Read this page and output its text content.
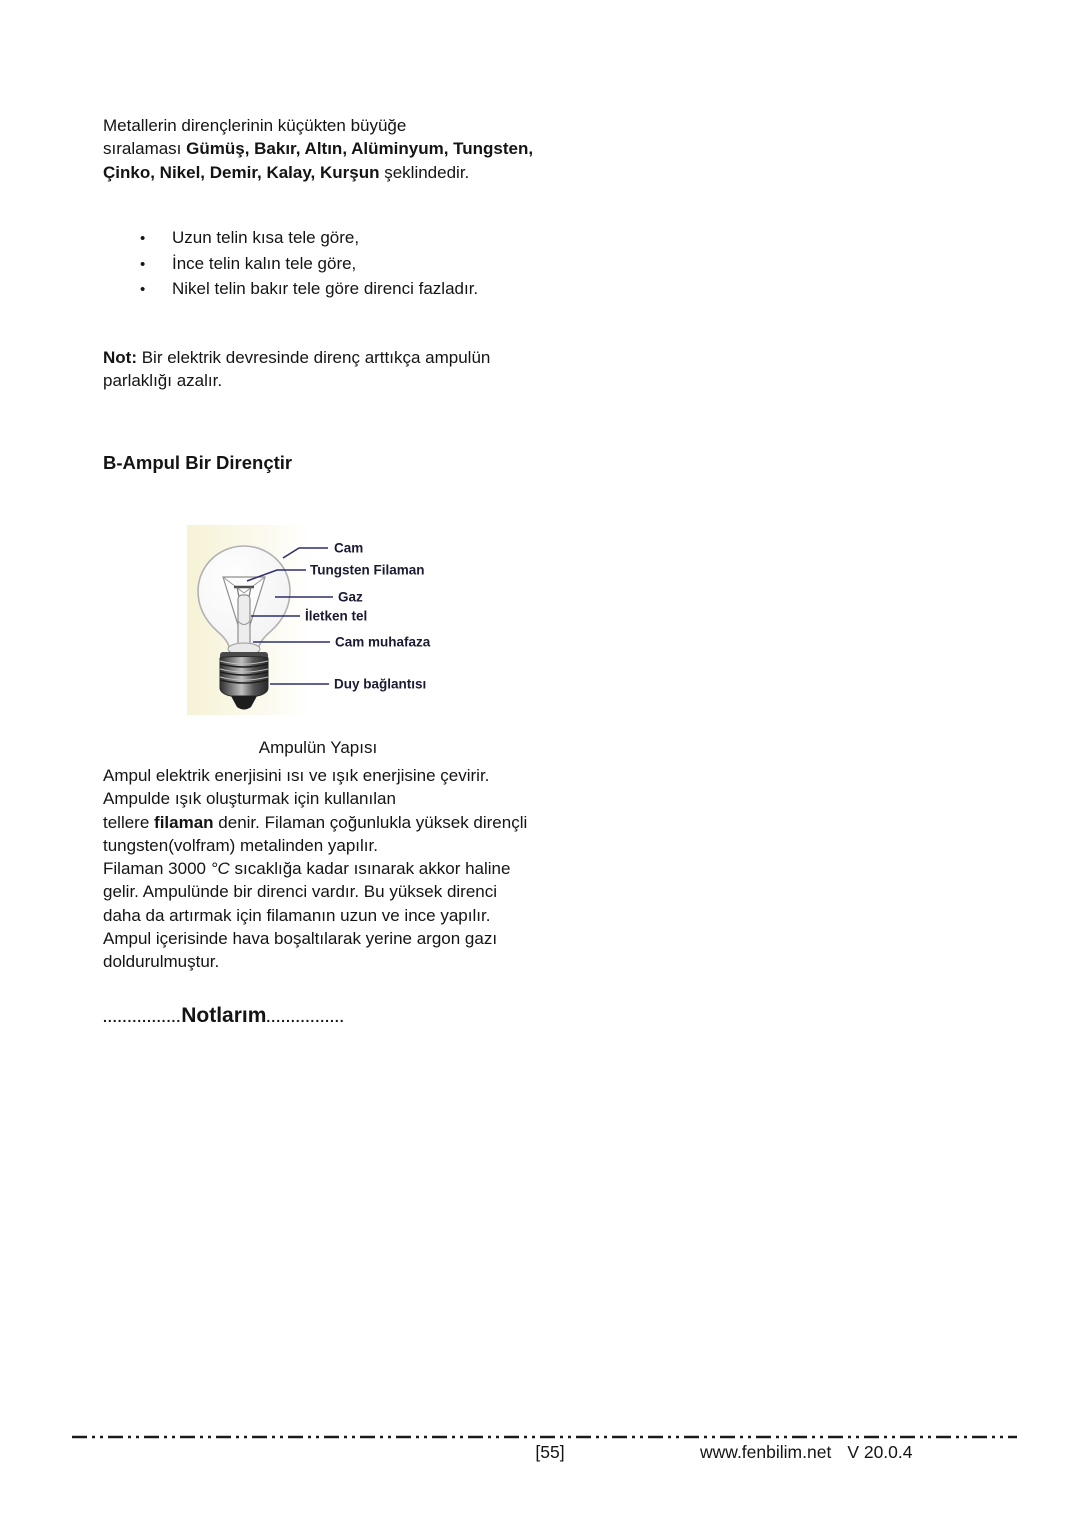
Metallerin dirençlerinin küçükten büyüğe
sıralaması Gümüş, Bakır, Altın, Alüminyum, Tungsten,
Çinko, Nikel, Demir, Kalay, Kurşun şeklindedir.
•	Uzun telin kısa tele göre,
•	İnce telin kalın tele göre,
•	Nikel telin bakır tele göre direnci fazladır.
Not: Bir elektrik devresinde direnç arttıkça ampulün
parlaklığı azalır.
B-Ampul Bir Dirençtir
Cam
Tungsten Filaman
Gaz
İletken tel
Cam muhafaza
Duy bağlantısı
Ampulün Yapısı
Ampul elektrik enerjisini ısı ve ışık enerjisine çevirir.
Ampulde ışık oluşturmak için kullanılan
tellere filaman denir. Filaman çoğunlukla yüksek dirençli
tungsten(volfram) metalinden yapılır.
Filaman 3000 °C sıcaklığa kadar ısınarak akkor haline
gelir. Ampulünde bir direnci vardır. Bu yüksek direnci
daha da artırmak için filamanın uzun ve ince yapılır.
Ampul içerisinde hava boşaltılarak yerine argon gazı
doldurulmuştur.
................ Notlarım ................
[55]	www.fenbilim.net V 20.0.4
